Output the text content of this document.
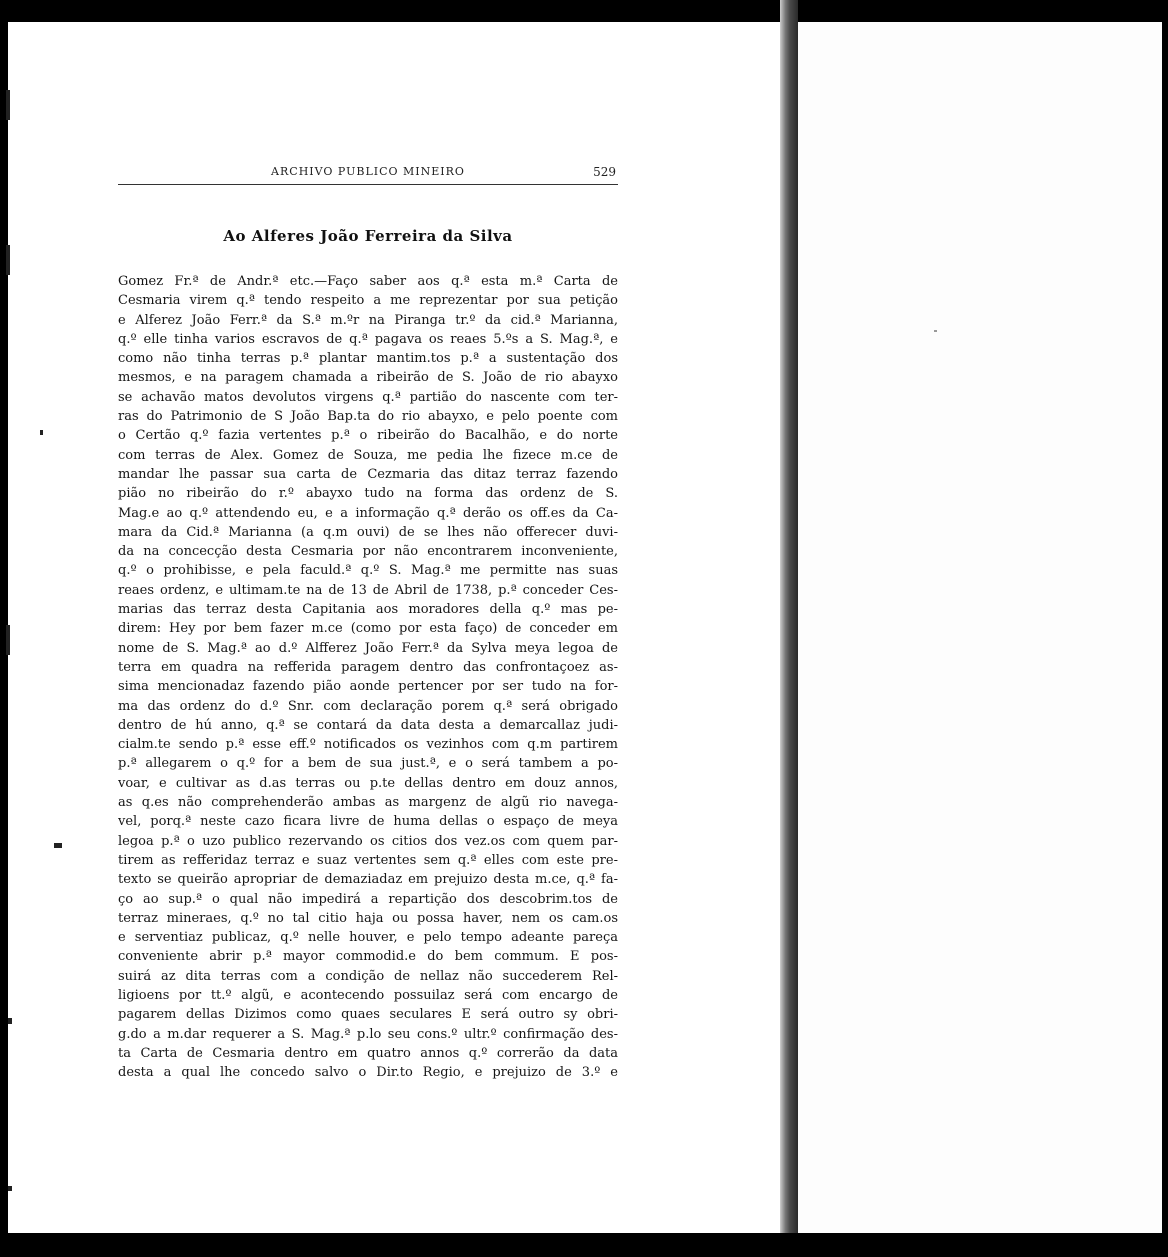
ARCHIVO PUBLICO MINEIRO	529
Ao Alferes João Ferreira da Silva
Gomez Fr.ª de Andr.ª etc.—Faço saber aos q.ª esta m.ª Carta de
Cesmaria virem q.ª tendo respeito a me reprezentar por sua petição
e Alferez João Ferr.ª da S.ª m.ºr na Piranga tr.º da cid.ª Marianna,
q.º elle tinha varios escravos de q.ª pagava os reaes 5.ºs a S. Mag.ª, e
como não tinha terras p.ª plantar mantim.tos p.ª a sustentação dos
mesmos, e na paragem chamada a ribeirão de S. João de rio abayxo
se achavão matos devolutos virgens q.ª partião do nascente com ter-
ras do Patrimonio de S João Bap.ta do rio abayxo, e pelo poente com
o Certão q.º fazia vertentes p.ª o ribeirão do Bacalhão, e do norte
com terras de Alex. Gomez de Souza, me pedia lhe fizece m.ce de
mandar lhe passar sua carta de Cezmaria das ditaz terraz fazendo
pião no ribeirão do r.º abayxo tudo na forma das ordenz de S.
Mag.e ao q.º attendendo eu, e a informação q.ª derão os off.es da Ca-
mara da Cid.ª Marianna (a q.m ouvi) de se lhes não offerecer duvi-
da na concecção desta Cesmaria por não encontrarem inconveniente,
q.º o prohibisse, e pela faculd.ª q.º S. Mag.ª me permitte nas suas
reaes ordenz, e ultimam.te na de 13 de Abril de 1738, p.ª conceder Ces-
marias das terraz desta Capitania aos moradores della q.º mas pe-
direm: Hey por bem fazer m.ce (como por esta faço) de conceder em
nome de S. Mag.ª ao d.º Alfferez João Ferr.ª da Sylva meya legoa de
terra em quadra na refferida paragem dentro das confrontaçoez as-
sima mencionadaz fazendo pião aonde pertencer por ser tudo na for-
ma das ordenz do d.º Snr. com declaração porem q.ª será obrigado
dentro de hú anno, q.ª se contará da data desta a demarcallaz judi-
cialm.te sendo p.ª esse eff.º notificados os vezinhos com q.m partirem
p.ª allegarem o q.º for a bem de sua just.ª, e o será tambem a po-
voar, e cultivar as d.as terras ou p.te dellas dentro em douz annos,
as q.es não comprehenderão ambas as margenz de algũ rio navega-
vel, porq.ª neste cazo ficara livre de huma dellas o espaço de meya
legoa p.ª o uzo publico rezervando os citios dos vez.os com quem par-
tirem as refferidaz terraz e suaz vertentes sem q.ª elles com este pre-
texto se queirão apropriar de demaziadaz em prejuizo desta m.ce, q.ª fa-
ço ao sup.ª o qual não impedirá a repartição dos descobrim.tos de
terraz mineraes, q.º no tal citio haja ou possa haver, nem os cam.os
e serventiaz publicaz, q.º nelle houver, e pelo tempo adeante pareça
conveniente abrir p.ª mayor commodid.e do bem commum. E pos-
suirá az dita terras com a condição de nellaz não succederem Rel-
ligioens por tt.º algũ, e acontecendo possuilaz será com encargo de
pagarem dellas Dizimos como quaes seculares E será outro sy obri-
g.do a m.dar requerer a S. Mag.ª p.lo seu cons.º ultr.º confirmação des-
ta Carta de Cesmaria dentro em quatro annos q.º correrão da data
desta a qual lhe concedo salvo o Dir.to Regio, e prejuizo de 3.º e
